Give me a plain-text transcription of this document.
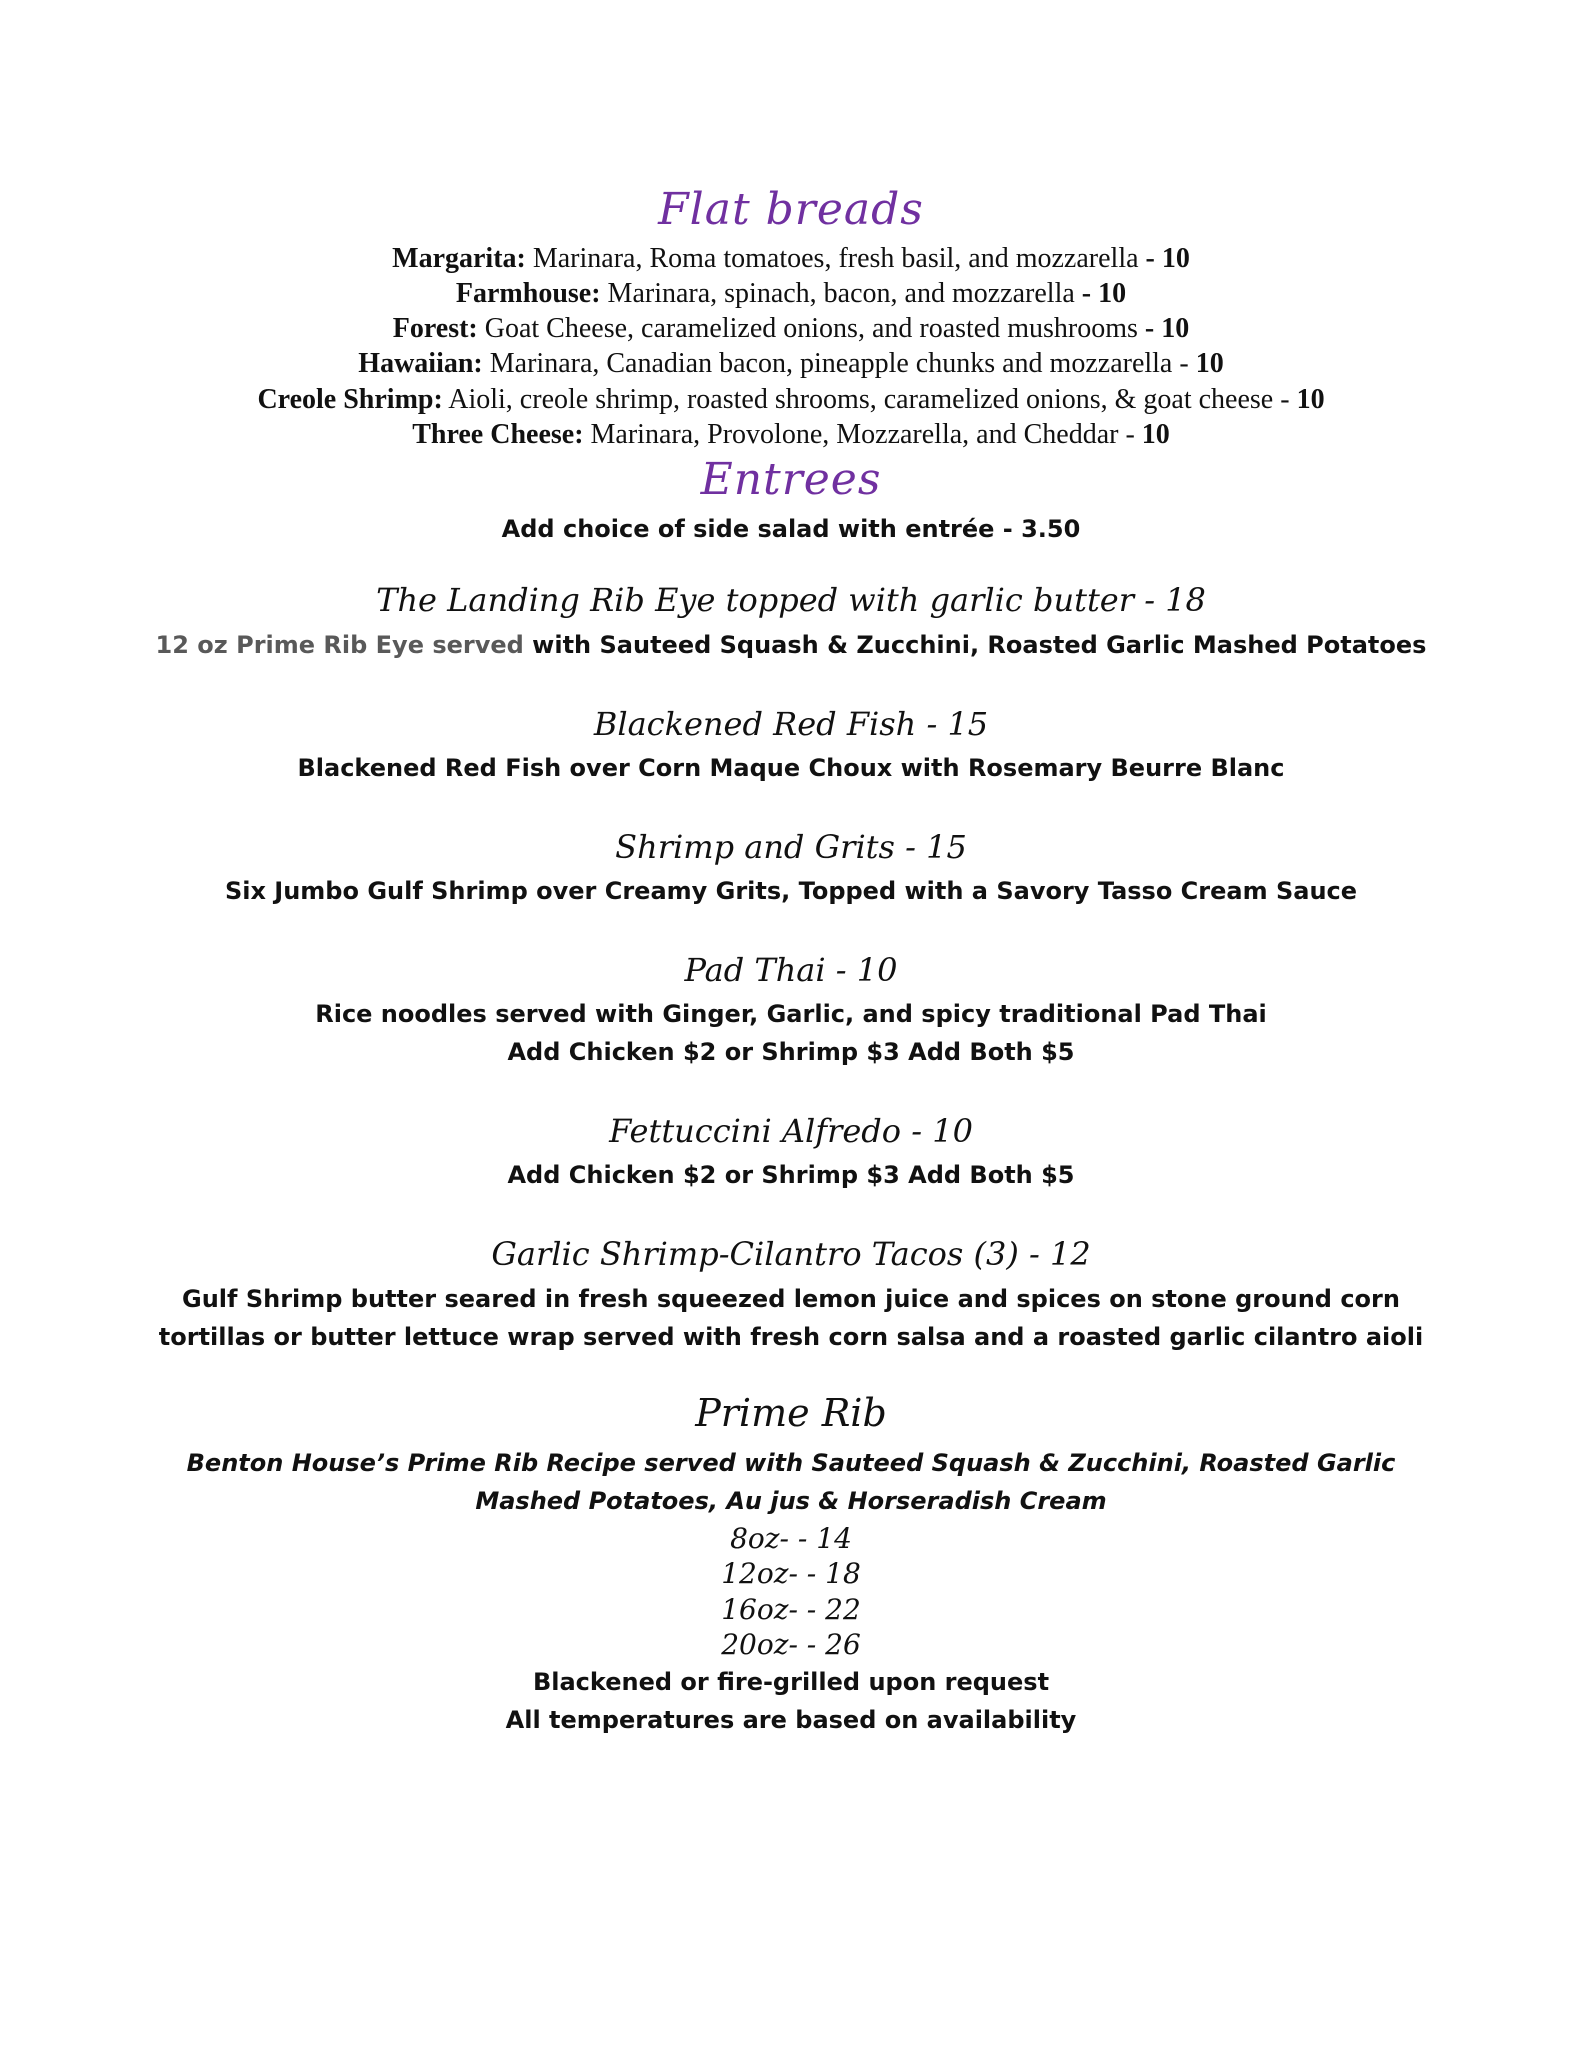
Flat breads
Margarita: Marinara, Roma tomatoes, fresh basil, and mozzarella - 10
Farmhouse: Marinara, spinach, bacon, and mozzarella - 10
Forest: Goat Cheese, caramelized onions, and roasted mushrooms - 10
Hawaiian: Marinara, Canadian bacon, pineapple chunks and mozzarella - 10
Creole Shrimp: Aioli, creole shrimp, roasted shrooms, caramelized onions, & goat cheese - 10
Three Cheese: Marinara, Provolone, Mozzarella, and Cheddar - 10
Entrees
Add choice of side salad with entrée - 3.50
The Landing Rib Eye topped with garlic butter - 18
12 oz Prime Rib Eye served with Sauteed Squash & Zucchini, Roasted Garlic Mashed Potatoes
Blackened Red Fish - 15
Blackened Red Fish over Corn Maque Choux with Rosemary Beurre Blanc
Shrimp and Grits - 15
Six Jumbo Gulf Shrimp over Creamy Grits, Topped with a Savory Tasso Cream Sauce
Pad Thai - 10
Rice noodles served with Ginger, Garlic, and spicy traditional Pad Thai
Add Chicken $2 or Shrimp $3 Add Both $5
Fettuccini Alfredo - 10
Add Chicken $2 or Shrimp $3 Add Both $5
Garlic Shrimp-Cilantro Tacos (3) - 12
Gulf Shrimp butter seared in fresh squeezed lemon juice and spices on stone ground corn
tortillas or butter lettuce wrap served with fresh corn salsa and a roasted garlic cilantro aioli
Prime Rib
Benton House’s Prime Rib Recipe served with Sauteed Squash & Zucchini, Roasted Garlic
Mashed Potatoes, Au jus & Horseradish Cream
8oz- - 14
12oz- - 18
16oz- - 22
20oz- - 26
Blackened or fire-grilled upon request
All temperatures are based on availability
